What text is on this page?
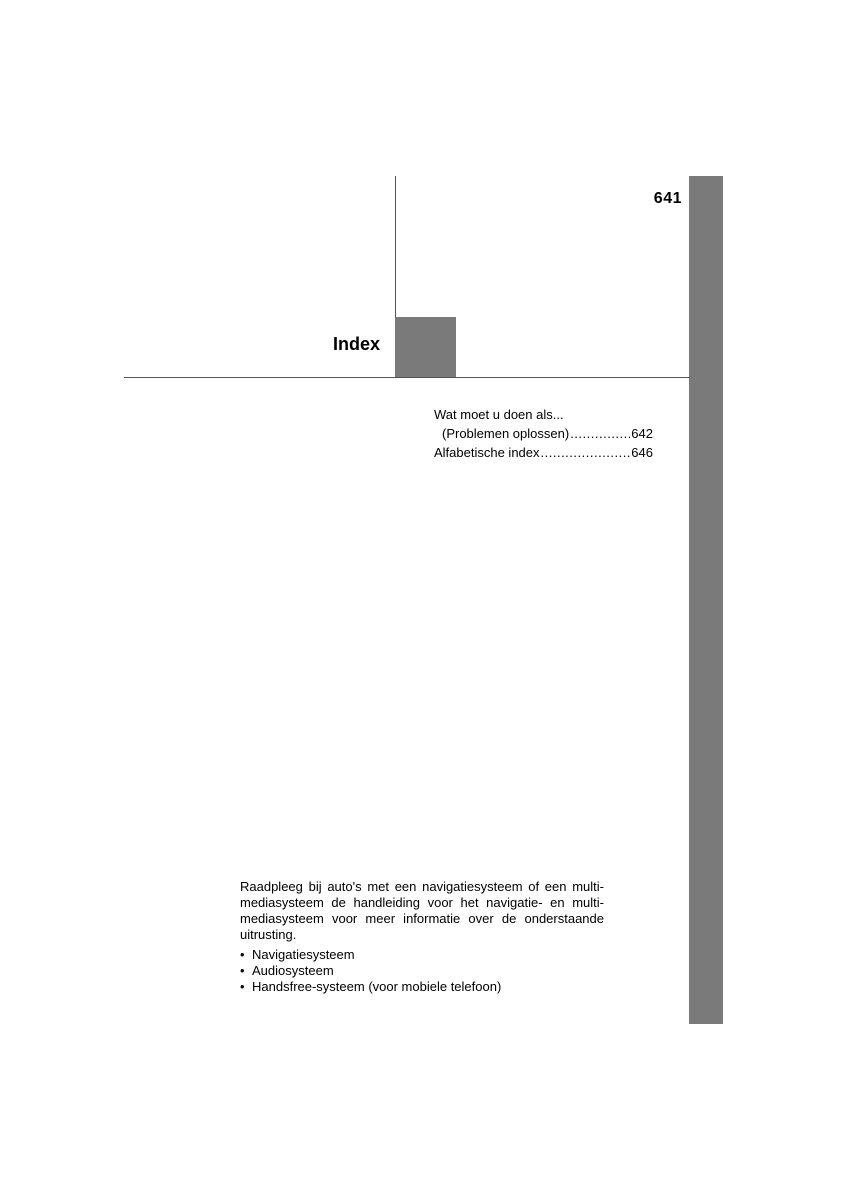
641
Index
Wat moet u doen als...
(Problemen oplossen) .....	642
Alfabetische index .....	646

Raadpleeg bij auto's met een navigatiesysteem of een multi-mediasysteem de handleiding voor het navigatie- en multi-mediasysteem voor meer informatie over de onderstaande uitrusting.

• Navigatiesysteem
• Audiosysteem
• Handsfree-systeem (voor mobiele telefoon)
